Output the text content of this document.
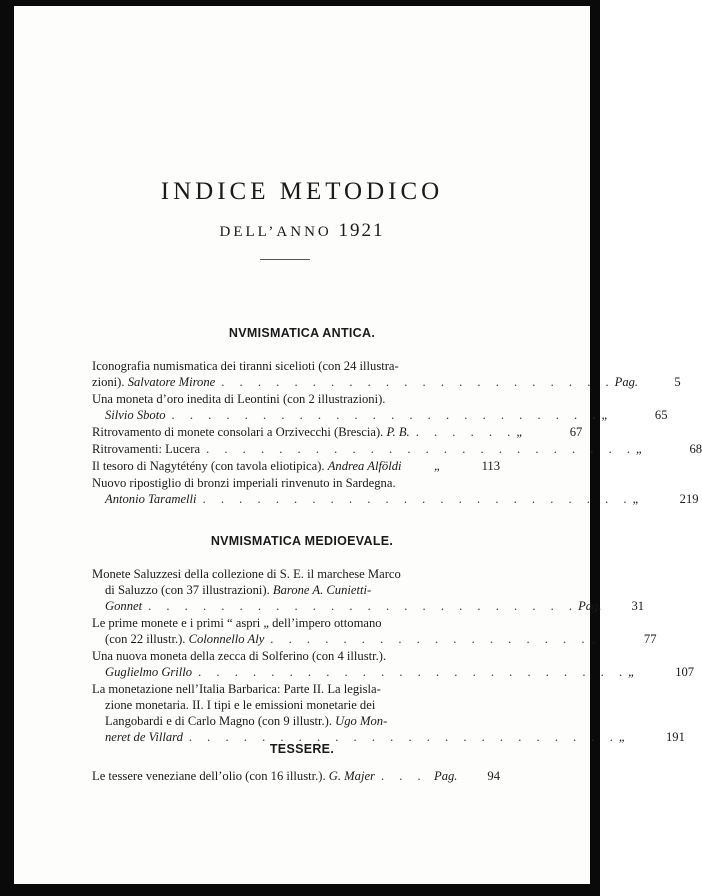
INDICE METODICO
DELL’ANNO 1921
NVMISMATICA ANTICA.
Iconografia numismatica dei tiranni sicelioti (con 24 illustra-
zioni). Salvatore Mirone . . . . . . . . . . . . . . . . . . . . . . Pag.	5
Una moneta d’oro inedita di Leontini (con 2 illustrazioni).
Silvio Sboto . . . . . . . . . . . . . . . . . . . . . . . . „	65
Ritrovamento di monete consolari a Orzivecchi (Brescia). P. B. . . . . . . „	67
Ritrovamenti: Lucera . . . . . . . . . . . . . . . . . . . . . . . . „	68
Il tesoro di Nagytétény (con tavola eliotipica). Andrea Alföldi	„	113
Nuovo ripostiglio di bronzi imperiali rinvenuto in Sardegna.
Antonio Taramelli . . . . . . . . . . . . . . . . . . . . . . . . „	219
NVMISMATICA MEDIOEVALE.
Monete Saluzzesi della collezione di S. E. il marchese Marco
di Saluzzo (con 37 illustrazioni). Barone A. Cunietti-
Gonnet . . . . . . . . . . . . . . . . . . . . . . . . Pag.	31
Le prime monete e i primi “ aspri „ dell’impero ottomano
(con 22 illustr.). Colonnello Aly . . . . . . . . . . . . . . . . . . „	77
Una nuova moneta della zecca di Solferino (con 4 illustr.).
Guglielmo Grillo . . . . . . . . . . . . . . . . . . . . . . . . „	107
La monetazione nell’Italia Barbarica: Parte II. La legisla-
zione monetaria. II. I tipi e le emissioni monetarie dei
Langobardi e di Carlo Magno (con 9 illustr.). Ugo Mon-
neret de Villard . . . . . . . . . . . . . . . . . . . . . . . . „	191
TESSERE.
Le tessere veneziane dell’olio (con 16 illustr.). G. Majer . . . Pag.	94
